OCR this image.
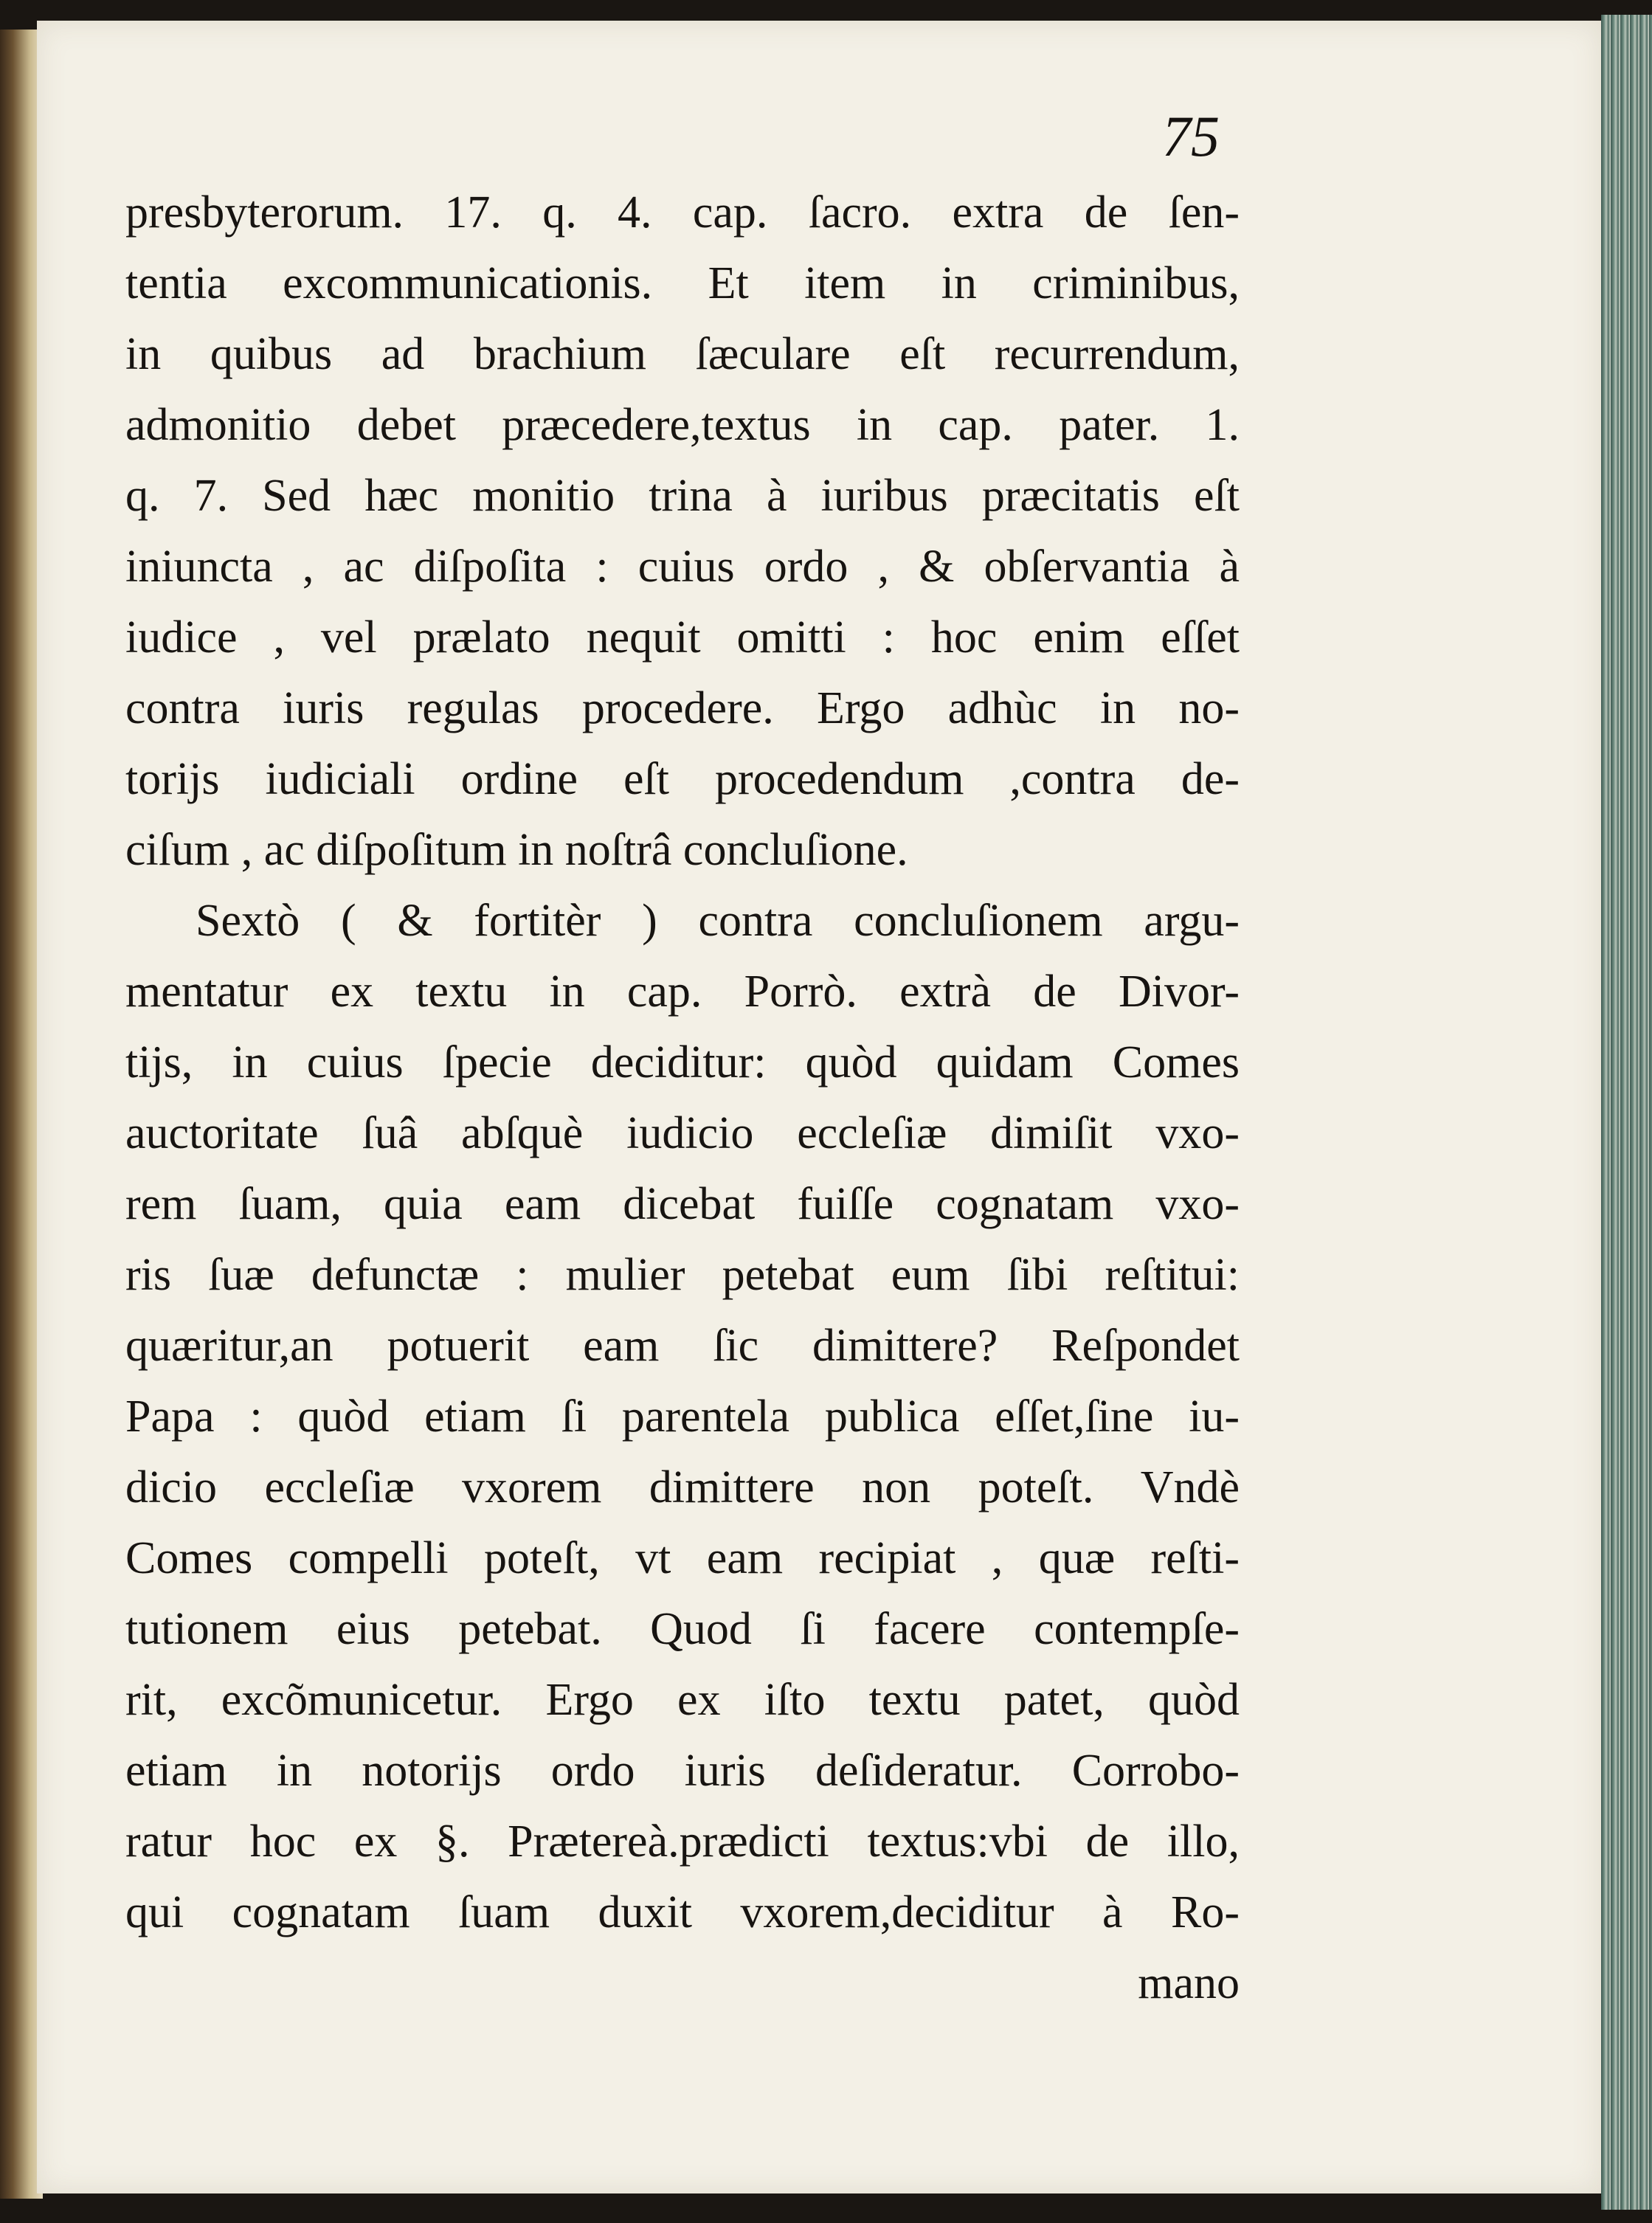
75
presbyterorum. 17. q. 4. cap. ſacro. extra de ſen-
tentia excommunicationis. Et item in criminibus,
in quibus ad brachium ſæculare eſt recurrendum,
admonitio debet præcedere,textus in cap. pater. 1.
q. 7. Sed hæc monitio trina à iuribus præcitatis eſt
iniuncta , ac diſpoſita : cuius ordo , & obſervantia à
iudice , vel prælato nequit omitti : hoc enim eſſet
contra iuris regulas procedere. Ergo adhùc in no-
torijs iudiciali ordine eſt procedendum ,contra de-
ciſum , ac diſpoſitum in noſtrâ concluſione.
Sextò ( & fortitèr ) contra concluſionem argu-
mentatur ex textu in cap. Porrò. extrà de Divor-
tijs, in cuius ſpecie deciditur: quòd quidam Comes
auctoritate ſuâ abſquè iudicio eccleſiæ dimiſit vxo-
rem ſuam, quia eam dicebat fuiſſe cognatam vxo-
ris ſuæ defunctæ : mulier petebat eum ſibi reſtitui:
quæritur,an potuerit eam ſic dimittere? Reſpondet
Papa : quòd etiam ſi parentela publica eſſet,ſine iu-
dicio eccleſiæ vxorem dimittere non poteſt. Vndè
Comes compelli poteſt, vt eam recipiat , quæ reſti-
tutionem eius petebat. Quod ſi facere contempſe-
rit, excõmunicetur. Ergo ex iſto textu patet, quòd
etiam in notorijs ordo iuris deſideratur. Corrobo-
ratur hoc ex §. Prætereà.prædicti textus:vbi de illo,
qui cognatam ſuam duxit vxorem,deciditur à Ro-
mano
